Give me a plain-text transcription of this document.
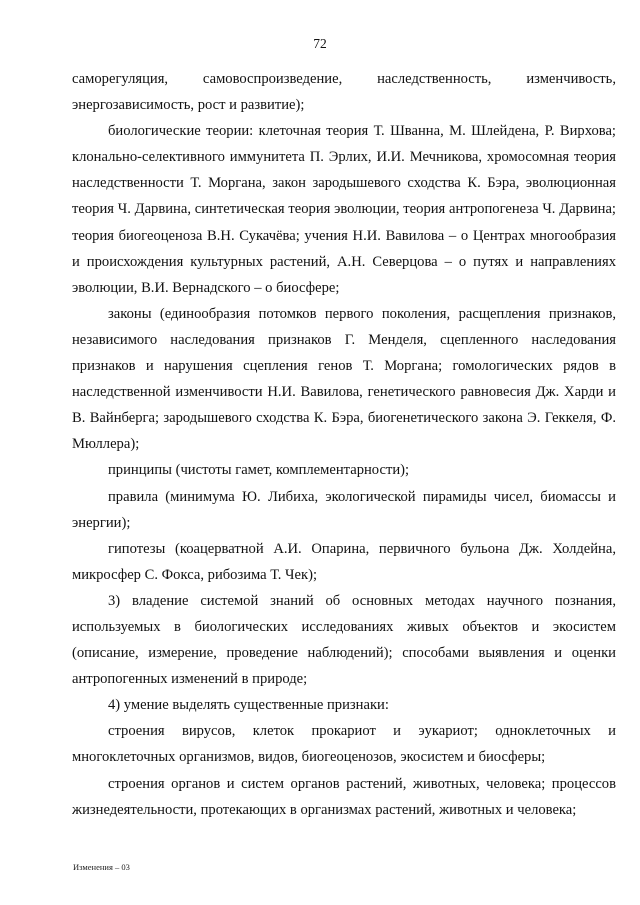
72

саморегуляция, самовоспроизведение, наследственность, изменчивость, энергозависимость, рост и развитие);

биологические теории: клеточная теория Т. Шванна, М. Шлейдена, Р. Вирхова; клонально-селективного иммунитета П. Эрлих, И.И. Мечникова, хромосомная теория наследственности Т. Моргана, закон зародышевого сходства К. Бэра, эволюционная теория Ч. Дарвина, синтетическая теория эволюции, теория антропогенеза Ч. Дарвина; теория биогеоценоза В.Н. Сукачёва; учения Н.И. Вавилова – о Центрах многообразия и происхождения культурных растений, А.Н. Северцова – о путях и направлениях эволюции, В.И. Вернадского – о биосфере;

законы (единообразия потомков первого поколения, расщепления признаков, независимого наследования признаков Г. Менделя, сцепленного наследования признаков и нарушения сцепления генов Т. Моргана; гомологических рядов в наследственной изменчивости Н.И. Вавилова, генетического равновесия Дж. Харди и В. Вайнберга; зародышевого сходства К. Бэра, биогенетического закона Э. Геккеля, Ф. Мюллера);

принципы (чистоты гамет, комплементарности);

правила (минимума Ю. Либиха, экологической пирамиды чисел, биомассы и энергии);

гипотезы (коацерватной А.И. Опарина, первичного бульона Дж. Холдейна, микросфер С. Фокса, рибозима Т. Чек);

3) владение системой знаний об основных методах научного познания, используемых в биологических исследованиях живых объектов и экосистем (описание, измерение, проведение наблюдений); способами выявления и оценки антропогенных изменений в природе;

4) умение выделять существенные признаки:

строения вирусов, клеток прокариот и эукариот; одноклеточных и многоклеточных организмов, видов, биогеоценозов, экосистем и биосферы;

строения органов и систем органов растений, животных, человека; процессов жизнедеятельности, протекающих в организмах растений, животных и человека;

Изменения – 03
